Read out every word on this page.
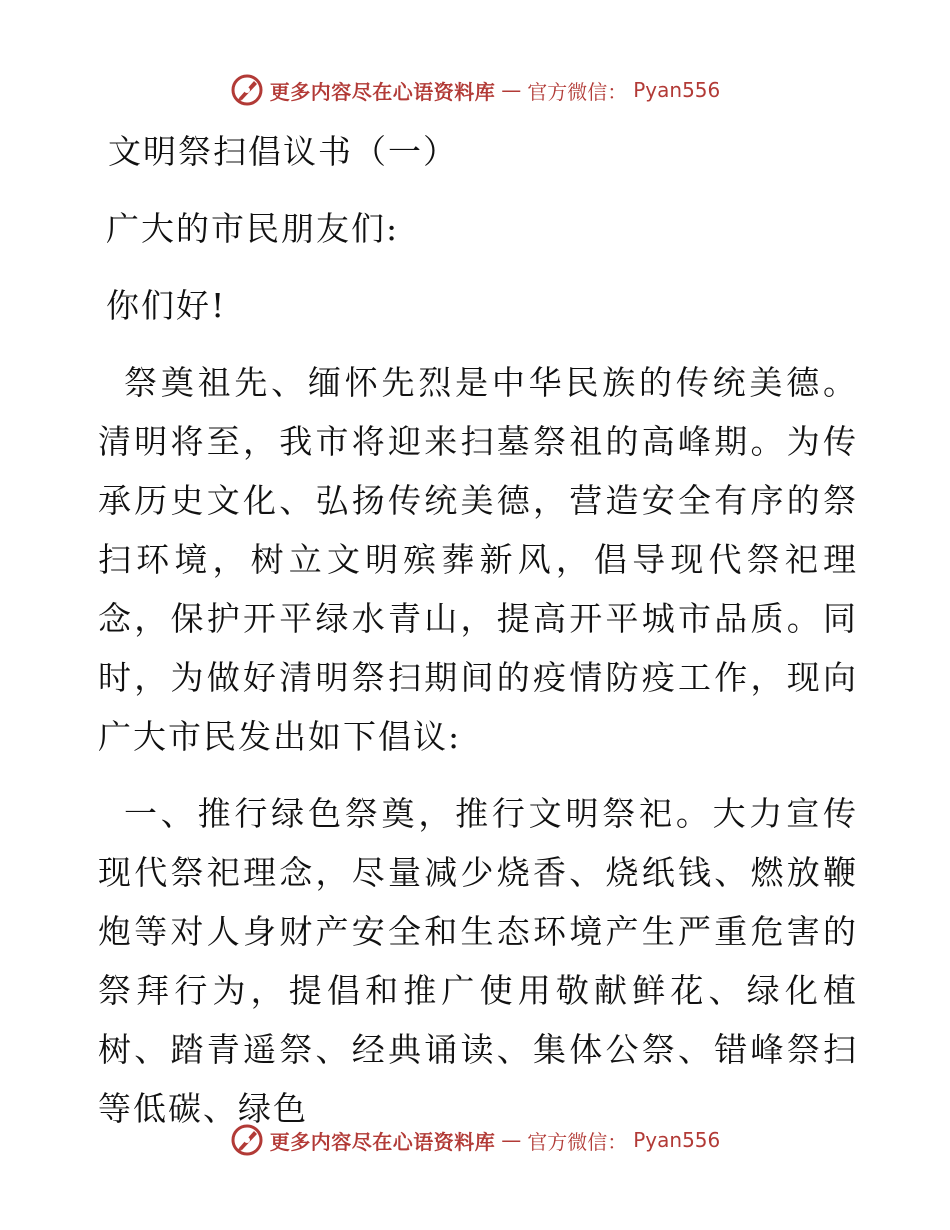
更多内容尽在心语资料库 — 官方微信： Pyan556

文明祭扫倡议书（一）

广大的市民朋友们:

你们好!

祭奠祖先、缅怀先烈是中华民族的传统美德。清明将至，我市将迎来扫墓祭祖的高峰期。为传承历史文化、弘扬传统美德，营造安全有序的祭扫环境，树立文明殡葬新风，倡导现代祭祀理念，保护开平绿水青山，提高开平城市品质。同时，为做好清明祭扫期间的疫情防疫工作，现向广大市民发出如下倡议:

一、推行绿色祭奠，推行文明祭祀。大力宣传现代祭祀理念，尽量减少烧香、烧纸钱、燃放鞭炮等对人身财产安全和生态环境产生严重危害的祭拜行为，提倡和推广使用敬献鲜花、绿化植树、踏青遥祭、经典诵读、集体公祭、错峰祭扫等低碳、绿色

更多内容尽在心语资料库 — 官方微信： Pyan556
